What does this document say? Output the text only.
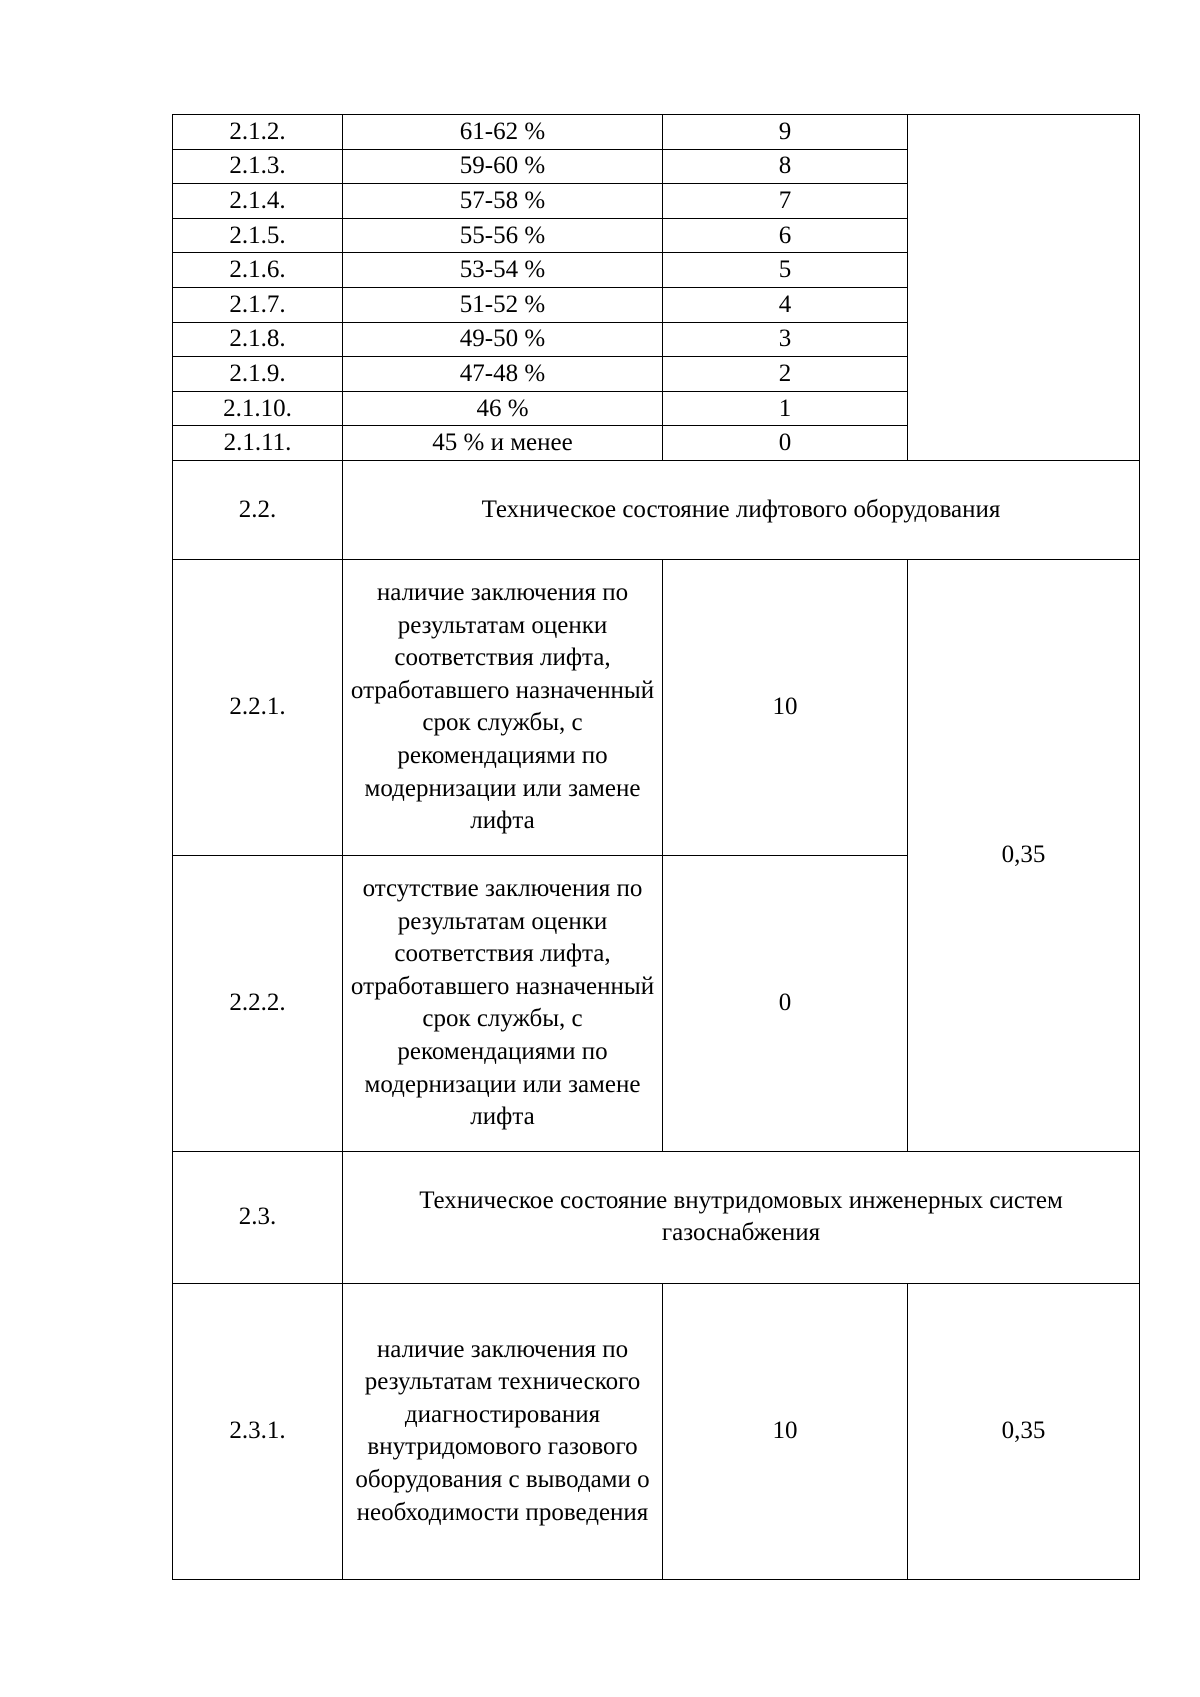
2.1.2.	61-62 %	9	
2.1.3.	59-60 %	8	
2.1.4.	57-58 %	7	
2.1.5.	55-56 %	6	
2.1.6.	53-54 %	5	
2.1.7.	51-52 %	4	
2.1.8.	49-50 %	3	
2.1.9.	47-48 %	2	
2.1.10.	46 %	1	
2.1.11.	45 % и менее	0	
2.2.	Техническое состояние лифтового оборудования		
2.2.1.	наличие заключения по результатам оценки соответствия лифта, отработавшего назначенный срок службы, с рекомендациями по модернизации или замене лифта	10	0,35
2.2.2.	отсутствие заключения по результатам оценки соответствия лифта, отработавшего назначенный срок службы, с рекомендациями по модернизации или замене лифта	0	
2.3.	Техническое состояние внутридомовых инженерных систем газоснабжения		
2.3.1.	наличие заключения по результатам технического диагностирования внутридомового газового оборудования с выводами о необходимости проведения	10	0,35
